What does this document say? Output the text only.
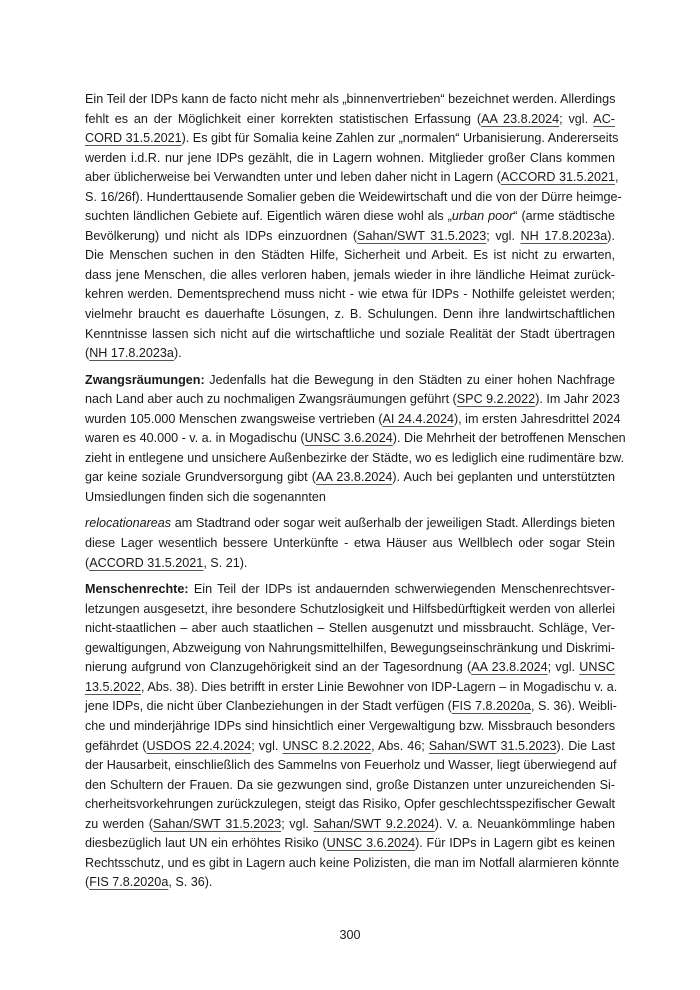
Ein Teil der IDPs kann de facto nicht mehr als „binnenvertrieben“ bezeichnet werden. Allerdings
fehlt es an der Möglichkeit einer korrekten statistischen Erfassung (AA 23.8.2024; vgl. AC-
CORD 31.5.2021). Es gibt für Somalia keine Zahlen zur „normalen“ Urbanisierung. Andererseits
werden i.d.R. nur jene IDPs gezählt, die in Lagern wohnen. Mitglieder großer Clans kommen
aber üblicherweise bei Verwandten unter und leben daher nicht in Lagern (ACCORD 31.5.2021,
S. 16/26f). Hunderttausende Somalier geben die Weidewirtschaft und die von der Dürre heimge-
suchten ländlichen Gebiete auf. Eigentlich wären diese wohl als „urban poor“ (arme städtische
Bevölkerung) und nicht als IDPs einzuordnen (Sahan/SWT 31.5.2023; vgl. NH 17.8.2023a).
Die Menschen suchen in den Städten Hilfe, Sicherheit und Arbeit. Es ist nicht zu erwarten,
dass jene Menschen, die alles verloren haben, jemals wieder in ihre ländliche Heimat zurück-
kehren werden. Dementsprechend muss nicht - wie etwa für IDPs - Nothilfe geleistet werden;
vielmehr braucht es dauerhafte Lösungen, z. B. Schulungen. Denn ihre landwirtschaftlichen
Kenntnisse lassen sich nicht auf die wirtschaftliche und soziale Realität der Stadt übertragen
(NH 17.8.2023a).
Zwangsräumungen: Jedenfalls hat die Bewegung in den Städten zu einer hohen Nachfrage
nach Land aber auch zu nochmaligen Zwangsräumungen geführt (SPC 9.2.2022). Im Jahr 2023
wurden 105.000 Menschen zwangsweise vertrieben (AI 24.4.2024), im ersten Jahresdrittel 2024
waren es 40.000 - v. a. in Mogadischu (UNSC 3.6.2024). Die Mehrheit der betroffenen Menschen
zieht in entlegene und unsichere Außenbezirke der Städte, wo es lediglich eine rudimentäre bzw.
gar keine soziale Grundversorgung gibt (AA 23.8.2024). Auch bei geplanten und unterstützten
Umsiedlungen finden sich die sogenannten
relocationareas am Stadtrand oder sogar weit außerhalb der jeweiligen Stadt. Allerdings bieten
diese Lager wesentlich bessere Unterkünfte - etwa Häuser aus Wellblech oder sogar Stein
(ACCORD 31.5.2021, S. 21).
Menschenrechte: Ein Teil der IDPs ist andauernden schwerwiegenden Menschenrechtsver-
letzungen ausgesetzt, ihre besondere Schutzlosigkeit und Hilfsbedürftigkeit werden von allerlei
nicht-staatlichen – aber auch staatlichen – Stellen ausgenutzt und missbraucht. Schläge, Ver-
gewaltigungen, Abzweigung von Nahrungsmittelhilfen, Bewegungseinschränkung und Diskrimi-
nierung aufgrund von Clanzugehörigkeit sind an der Tagesordnung (AA 23.8.2024; vgl. UNSC
13.5.2022, Abs. 38). Dies betrifft in erster Linie Bewohner von IDP-Lagern – in Mogadischu v. a.
jene IDPs, die nicht über Clanbeziehungen in der Stadt verfügen (FIS 7.8.2020a, S. 36). Weibli-
che und minderjährige IDPs sind hinsichtlich einer Vergewaltigung bzw. Missbrauch besonders
gefährdet (USDOS 22.4.2024; vgl. UNSC 8.2.2022, Abs. 46; Sahan/SWT 31.5.2023). Die Last
der Hausarbeit, einschließlich des Sammelns von Feuerholz und Wasser, liegt überwiegend auf
den Schultern der Frauen. Da sie gezwungen sind, große Distanzen unter unzureichenden Si-
cherheitsvorkehrungen zurückzulegen, steigt das Risiko, Opfer geschlechtsspezifischer Gewalt
zu werden (Sahan/SWT 31.5.2023; vgl. Sahan/SWT 9.2.2024). V. a. Neuankömmlinge haben
diesbezüglich laut UN ein erhöhtes Risiko (UNSC 3.6.2024). Für IDPs in Lagern gibt es keinen
Rechtsschutz, und es gibt in Lagern auch keine Polizisten, die man im Notfall alarmieren könnte
(FIS 7.8.2020a, S. 36).
300
